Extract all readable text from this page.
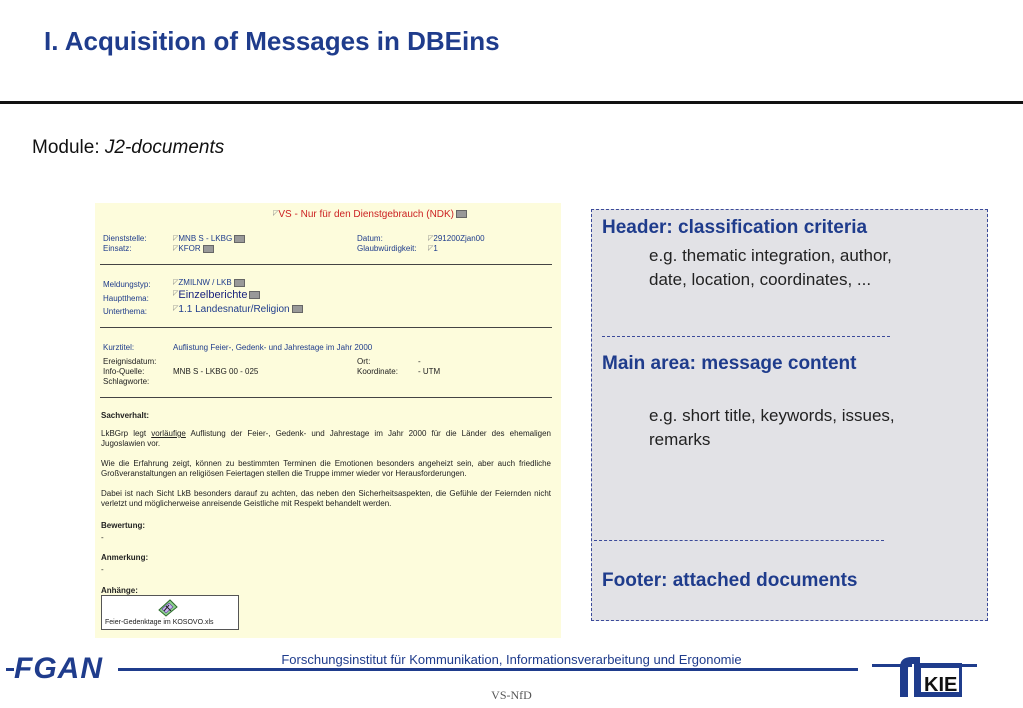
I. Acquisition of Messages in DBEins
Module: J2-documents
◸VS - Nur für den Dienstgebrauch (NDK)
Dienststelle:	◸MNB S - LKBG
Einsatz:	◸KFOR
Datum:	◸291200Zjan00
Glaubwürdigkeit: ◸1
Meldungstyp:	◸ZMILNW / LKB
Hauptthema:
◸Einzelberichte
Unterthema:	◸1.1 Landesnatur/Religion
Kurztitel:	Auflistung Feier-, Gedenk- und Jahrestage im Jahr 2000
Ereignisdatum:
Info-Quelle:	MNB S - LKBG 00 - 025
Schlagworte:
Ort:	-
Koordinate:	- UTM
Sachverhalt:
LkBGrp legt vorläufige Auflistung der Feier-, Gedenk- und Jahrestage im Jahr 2000 für die Länder des ehemaligen Jugoslawien vor.
Wie die Erfahrung zeigt, können zu bestimmten Terminen die Emotionen besonders angeheizt sein, aber auch friedliche Großveranstaltungen an religiösen Feiertagen stellen die Truppe immer wieder vor Herausforderungen.
Dabei ist nach Sicht LkB besonders darauf zu achten, das neben den Sicherheitsaspekten, die Gefühle der Feiernden nicht verletzt und möglicherweise anreisende Geistliche mit Respekt behandelt werden.
Bewertung:
-
Anmerkung:
-
Anhänge:
Feier-Gedenktage im KOSOVO.xls
Header: classification criteria
e.g. thematic integration, author,
date, location, coordinates, ...
Main area: message content
e.g. short title, keywords, issues,
remarks
Footer: attached documents
FGAN	Forschungsinstitut für Kommunikation, Informationsverarbeitung und Ergonomie
VS-NfD	KIE
